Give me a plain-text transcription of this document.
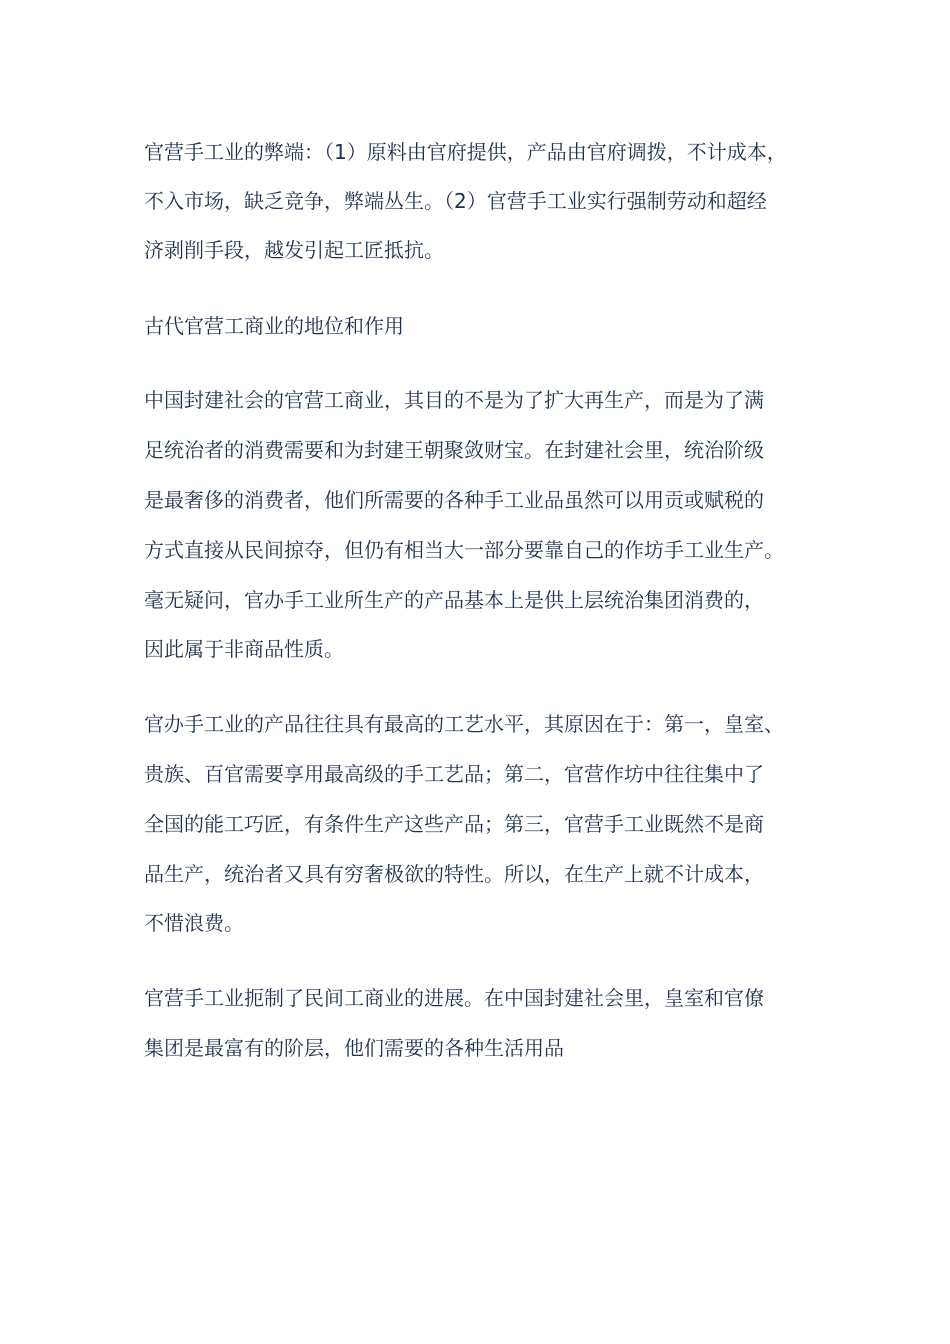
官营手工业的弊端：（1）原料由官府提供，产品由官府调拨，不计成本，
不入市场，缺乏竞争，弊端丛生。（2）官营手工业实行强制劳动和超经
济剥削手段，越发引起工匠抵抗。
古代官营工商业的地位和作用
中国封建社会的官营工商业，其目的不是为了扩大再生产，而是为了满
足统治者的消费需要和为封建王朝聚敛财宝。在封建社会里，统治阶级
是最奢侈的消费者，他们所需要的各种手工业品虽然可以用贡或赋税的
方式直接从民间掠夺，但仍有相当大一部分要靠自己的作坊手工业生产。
毫无疑问，官办手工业所生产的产品基本上是供上层统治集团消费的，
因此属于非商品性质。
官办手工业的产品往往具有最高的工艺水平，其原因在于：第一，皇室、
贵族、百官需要享用最高级的手工艺品；第二，官营作坊中往往集中了
全国的能工巧匠，有条件生产这些产品；第三，官营手工业既然不是商
品生产，统治者又具有穷奢极欲的特性。所以，在生产上就不计成本，
不惜浪费。
官营手工业扼制了民间工商业的进展。在中国封建社会里，皇室和官僚
集团是最富有的阶层，他们需要的各种生活用品
